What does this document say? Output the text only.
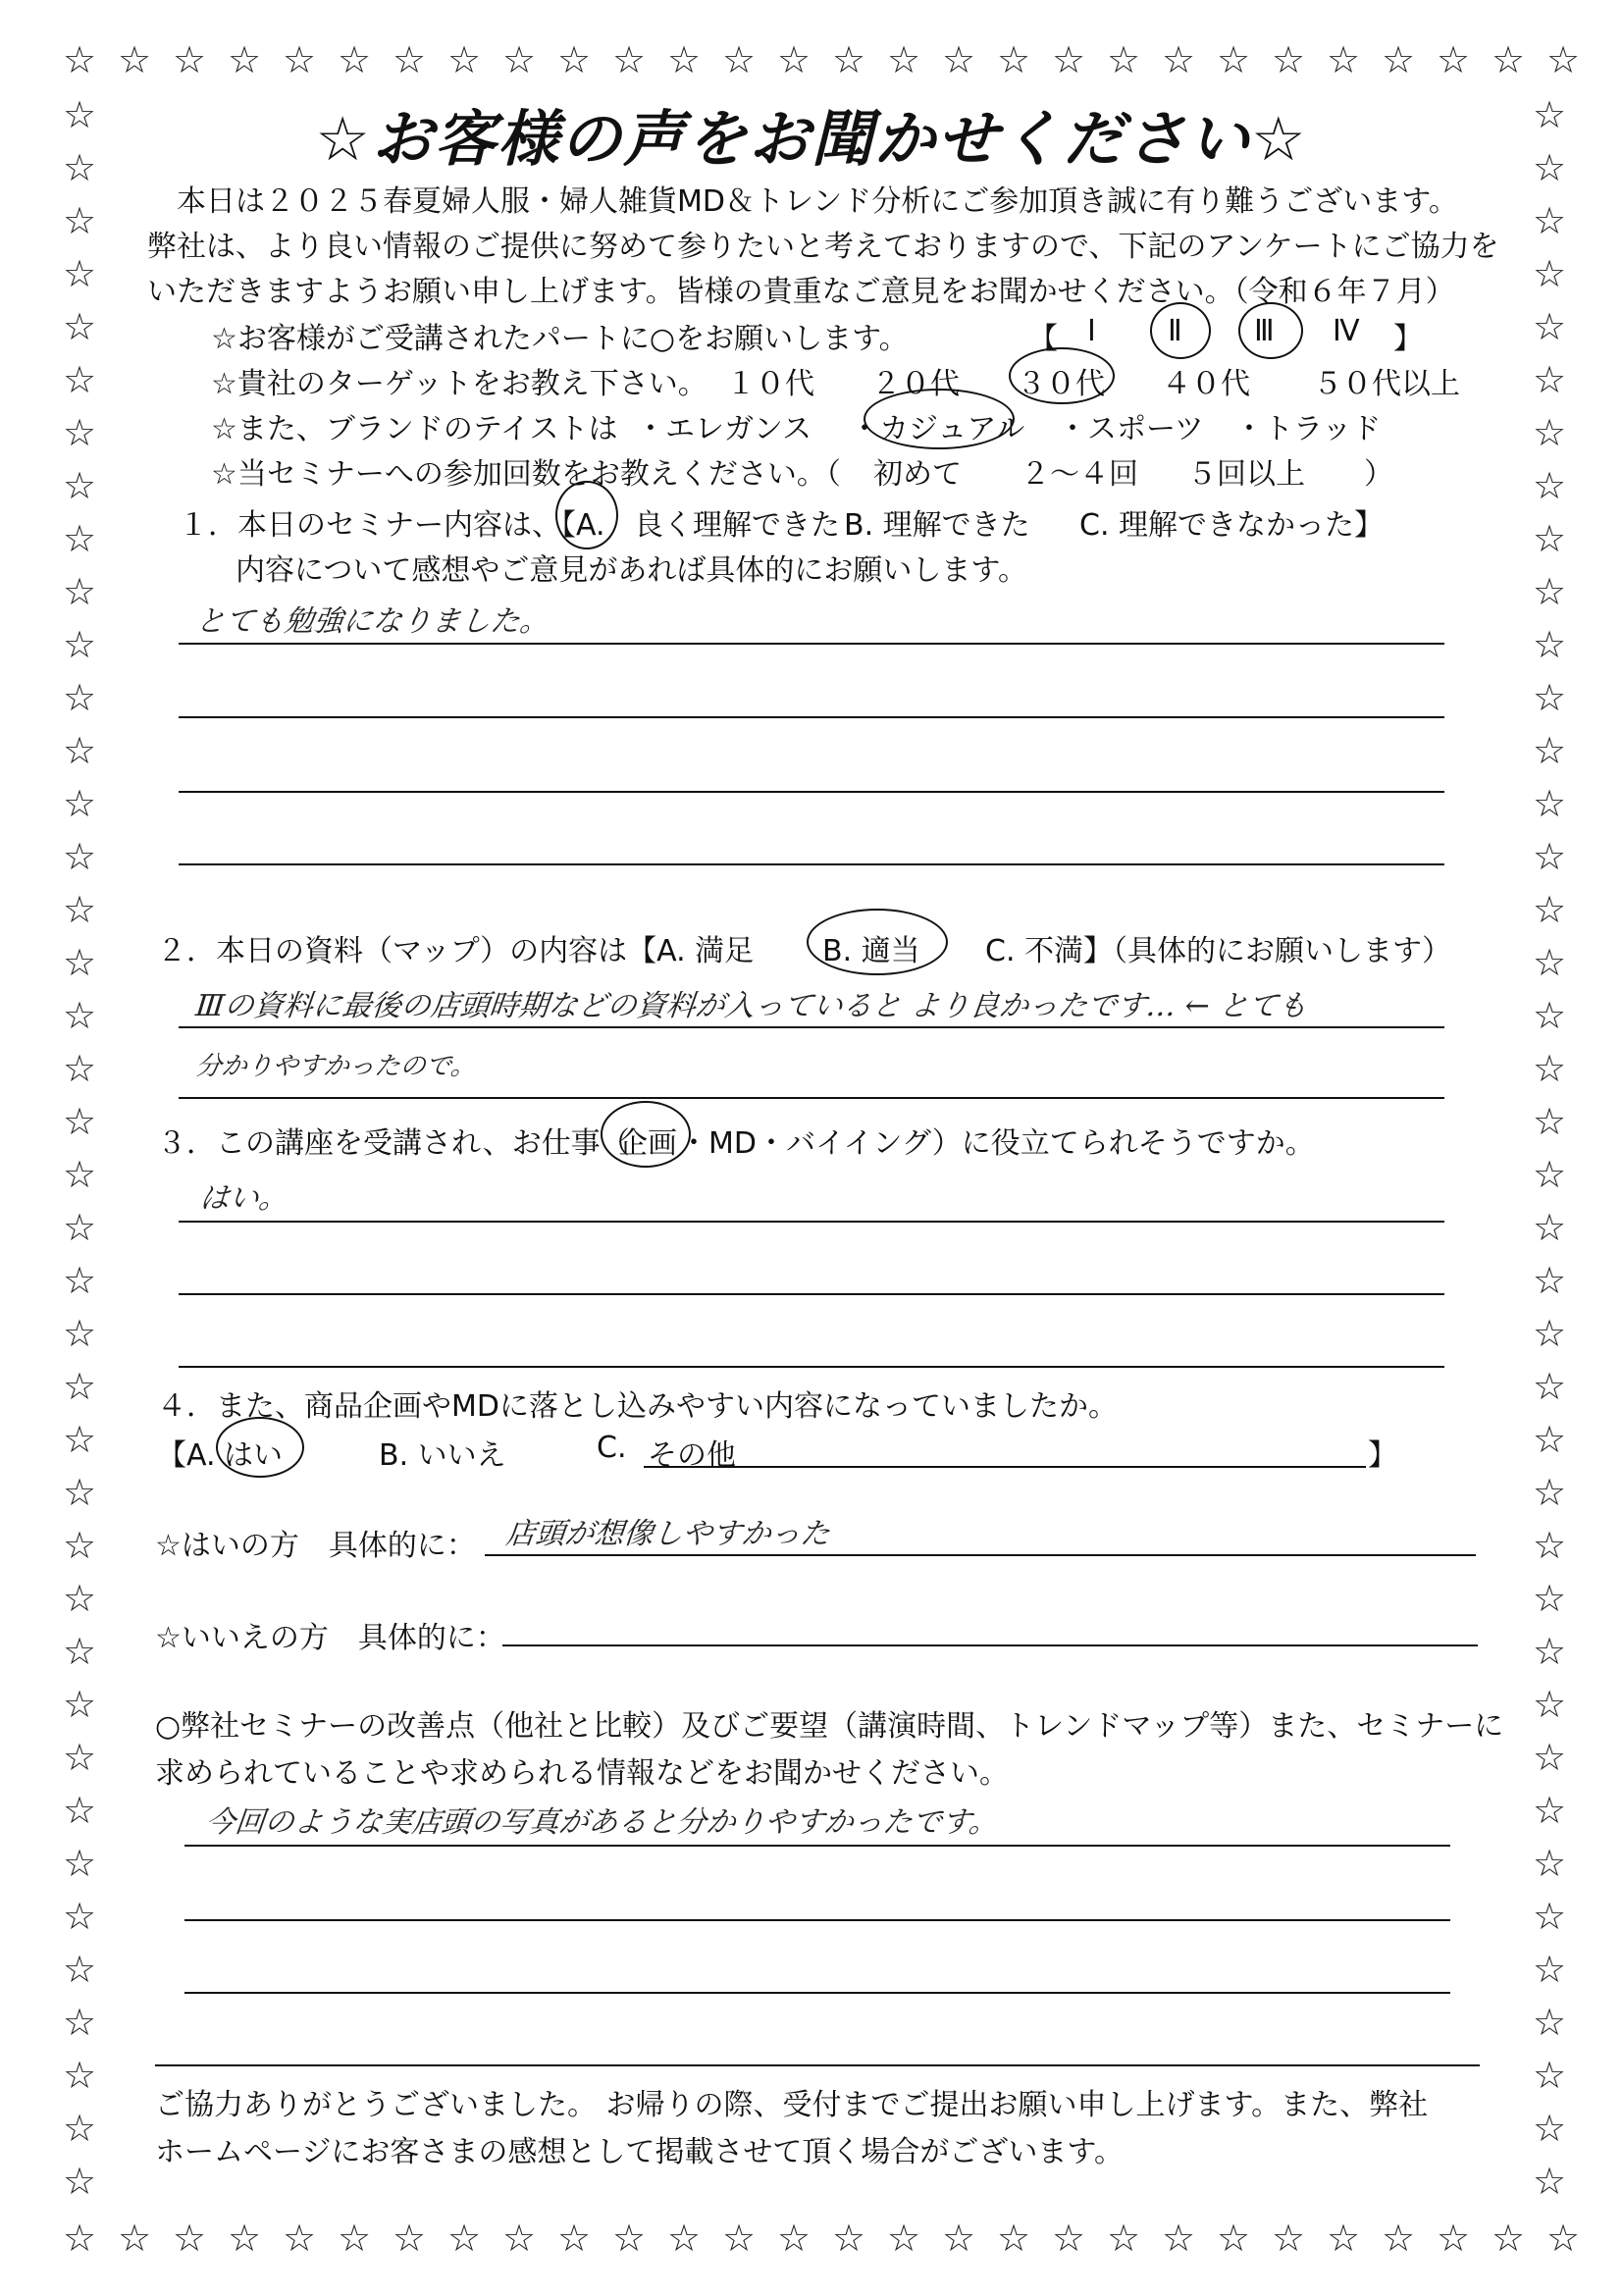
☆ ☆ ☆ ☆ ☆ ☆ ☆ ☆ ☆ ☆ ☆ ☆ ☆ ☆ ☆ ☆ ☆ ☆ ☆ ☆ ☆ ☆ ☆ ☆ ☆ ☆ ☆ ☆
☆ ☆ ☆ ☆ ☆ ☆ ☆ ☆ ☆ ☆ ☆ ☆ ☆ ☆ ☆ ☆ ☆ ☆ ☆ ☆ ☆ ☆ ☆ ☆ ☆ ☆ ☆ ☆
☆	☆
☆	☆
☆	☆
☆	☆
☆	☆
☆	☆
☆	☆
☆	☆
☆	☆
☆	☆
☆	☆
☆	☆
☆	☆
☆	☆
☆	☆
☆	☆
☆	☆
☆	☆
☆	☆
☆	☆
☆	☆
☆	☆
☆	☆
☆	☆
☆	☆
☆	☆
☆	☆
☆	☆
☆	☆
☆	☆
☆	☆
☆	☆
☆	☆
☆	☆
☆	☆
☆	☆
☆	☆
☆	☆
☆	☆
☆	☆
☆お客様の声をお聞かせください☆
本日は２０２５春夏婦人服・婦人雑貨MD＆トレンド分析にご参加頂き誠に有り難うございます。
弊社は、より良い情報のご提供に努めて参りたいと考えておりますので、下記のアンケートにご協力を
いただきますようお願い申し上げます。皆様の貴重なご意見をお聞かせください。（令和６年７月）
☆お客様がご受講されたパートに○をお願いします。	【 Ⅰ Ⅱ Ⅲ Ⅳ 】
☆貴社のターゲットをお教え下さい。 １０代 ２０代 ３０代 ４０代 ５０代以上
☆また、ブランドのテイストは ・エレガンス ・カジュアル ・スポーツ ・トラッド
☆当セミナーへの参加回数をお教えください。（ 初めて ２～４回 ５回以上 ）
１．本日のセミナー内容は、【A. 良く理解できた B. 理解できた C. 理解できなかった】
内容について感想やご意見があれば具体的にお願いします。
とても勉強になりました。
２．本日の資料（マップ）の内容は【A. 満足 B. 適当 C. 不満】（具体的にお願いします）
Ⅲの資料に最後の店頭時期などの資料が入っていると より良かったです… ← とても
分かりやすかったので。
３．この講座を受講され、お仕事（
企画 ・MD・バイイング）に役立てられそうですか。
はい。
４．また、商品企画やMDに落とし込みやすい内容になっていましたか。
【A. はい	B. いいえ	C. その他	】
☆はいの方　具体的に： 店頭が想像しやすかった
☆いいえの方　具体的に：
○弊社セミナーの改善点（他社と比較）及びご要望（講演時間、トレンドマップ等）また、セミナーに
求められていることや求められる情報などをお聞かせください。
今回のような実店頭の写真があると分かりやすかったです。
ご協力ありがとうございました。 お帰りの際、受付までご提出お願い申し上げます。また、弊社
ホームページにお客さまの感想として掲載させて頂く場合がございます。
